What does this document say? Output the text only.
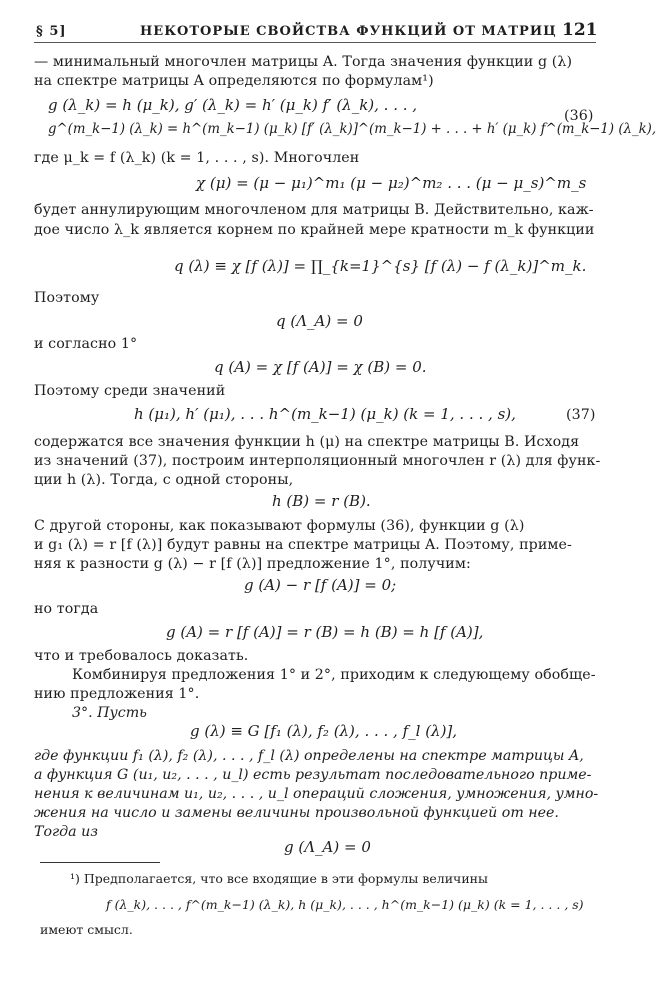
§ 5]	НЕКОТОРЫЕ СВОЙСТВА ФУНКЦИЙ ОТ МАТРИЦ 121
— минимальный многочлен матрицы A. Тогда значения функции g (λ)
на спектре матрицы A определяются по формулам¹)
g (λ_k) = h (μ_k), g′ (λ_k) = h′ (μ_k) f′ (λ_k), . . . ,
g^(m_k−1) (λ_k) = h^(m_k−1) (μ_k) [f′ (λ_k)]^(m_k−1) + . . . + h′ (μ_k) f^(m_k−1) (λ_k),
(36)
где μ_k = f (λ_k) (k = 1, . . . , s). Многочлен
χ (μ) = (μ − μ₁)^m₁ (μ − μ₂)^m₂ . . . (μ − μ_s)^m_s
будет аннулирующим многочленом для матрицы B. Действительно, каж-
дое число λ_k является корнем по крайней мере кратности m_k функции
q (λ) ≡ χ [f (λ)] = ∏_{k=1}^{s} [f (λ) − f (λ_k)]^m_k.
Поэтому
q (Λ_A) = 0
и согласно 1°
q (A) = χ [f (A)] = χ (B) = 0.
Поэтому среди значений
h (μ₁), h′ (μ₁), . . . h^(m_k−1) (μ_k) (k = 1, . . . , s),	(37)
содержатся все значения функции h (μ) на спектре матрицы B. Исходя
из значений (37), построим интерполяционный многочлен r (λ) для функ-
ции h (λ). Тогда, с одной стороны,
h (B) = r (B).
С другой стороны, как показывают формулы (36), функции g (λ)
и g₁ (λ) = r [f (λ)] будут равны на спектре матрицы A. Поэтому, приме-
няя к разности g (λ) − r [f (λ)] предложение 1°, получим:
g (A) − r [f (A)] = 0;
но тогда
g (A) = r [f (A)] = r (B) = h (B) = h [f (A)],
что и требовалось доказать.
Комбинируя предложения 1° и 2°, приходим к следующему обобще-
нию предложения 1°.
3°. Пусть
g (λ) ≡ G [f₁ (λ), f₂ (λ), . . . , f_l (λ)],
где функции f₁ (λ), f₂ (λ), . . . , f_l (λ) определены на спектре матрицы A,
а функция G (u₁, u₂, . . . , u_l) есть результат последовательного приме-
нения к величинам u₁, u₂, . . . , u_l операций сложения, умножения, умно-
жения на число и замены величины произвольной функцией от нее.
Тогда из
g (Λ_A) = 0
¹) Предполагается, что все входящие в эти формулы величины
f (λ_k), . . . , f^(m_k−1) (λ_k), h (μ_k), . . . , h^(m_k−1) (μ_k) (k = 1, . . . , s)
имеют смысл.
